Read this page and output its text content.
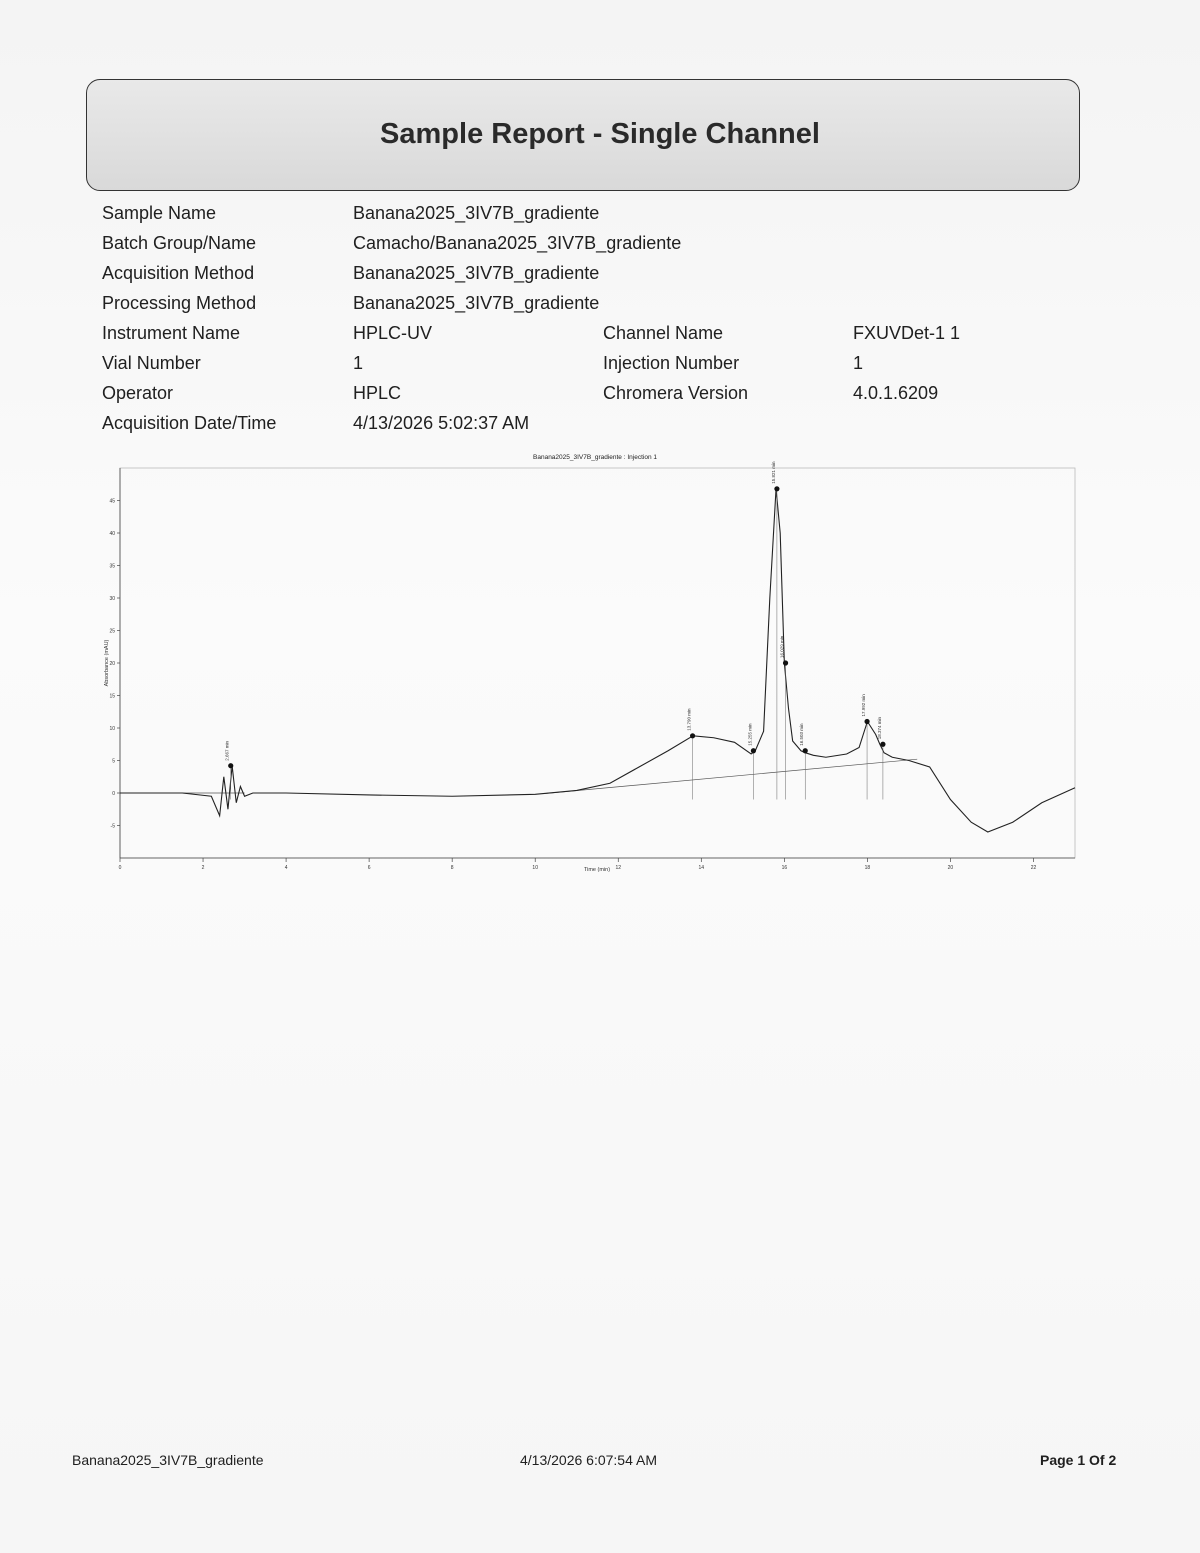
Sample Report - Single Channel
Sample Name	Banana2025_3IV7B_gradiente
Batch Group/Name	Camacho/Banana2025_3IV7B_gradiente
Acquisition Method	Banana2025_3IV7B_gradiente
Processing Method	Banana2025_3IV7B_gradiente
Instrument Name	HPLC-UV	Channel Name	FXUVDet-1 1
Vial Number	1	Injection Number	1
Operator	HPLC	Chromera Version	4.0.1.6209
Acquisition Date/Time	4/13/2026 5:02:37 AM
Banana2025_3IV7B_gradiente : Injection 1
0	2	4	6	8	10	12	14	16	18	20	22
-5
0
5
10
15
20
25
30
35
40
45
2.667 min
13.790 min
15.255 min
15.821 min
16.029 min
16.503 min
17.992 min
18.374 min
Time (min)
Absorbance (mAU)
Banana2025_3IV7B_gradiente	4/13/2026 6:07:54 AM	Page 1 Of 2
